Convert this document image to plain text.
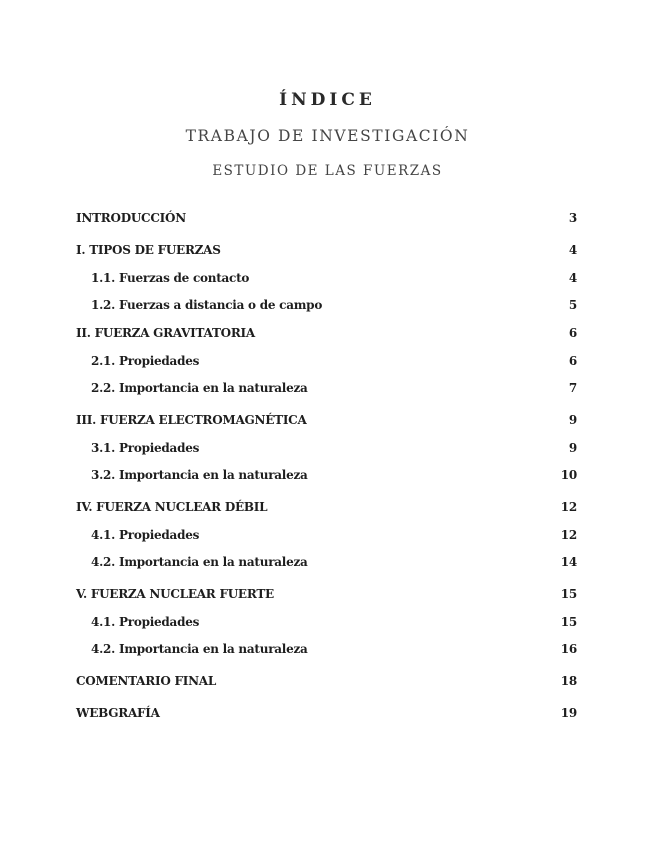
ÍNDICE
TRABAJO DE INVESTIGACIÓN
ESTUDIO DE LAS FUERZAS
INTRODUCCIÓN	3
I. TIPOS DE FUERZAS	4
1.1. Fuerzas de contacto	4
1.2. Fuerzas a distancia o de campo	5
II. FUERZA GRAVITATORIA	6
2.1. Propiedades	6
2.2. Importancia en la naturaleza	7
III. FUERZA ELECTROMAGNÉTICA	9
3.1. Propiedades	9
3.2. Importancia en la naturaleza	10
IV. FUERZA NUCLEAR DÉBIL	12
4.1. Propiedades	12
4.2. Importancia en la naturaleza	14
V. FUERZA NUCLEAR FUERTE	15
4.1. Propiedades	15
4.2. Importancia en la naturaleza	16
COMENTARIO FINAL	18
WEBGRAFÍA	19
